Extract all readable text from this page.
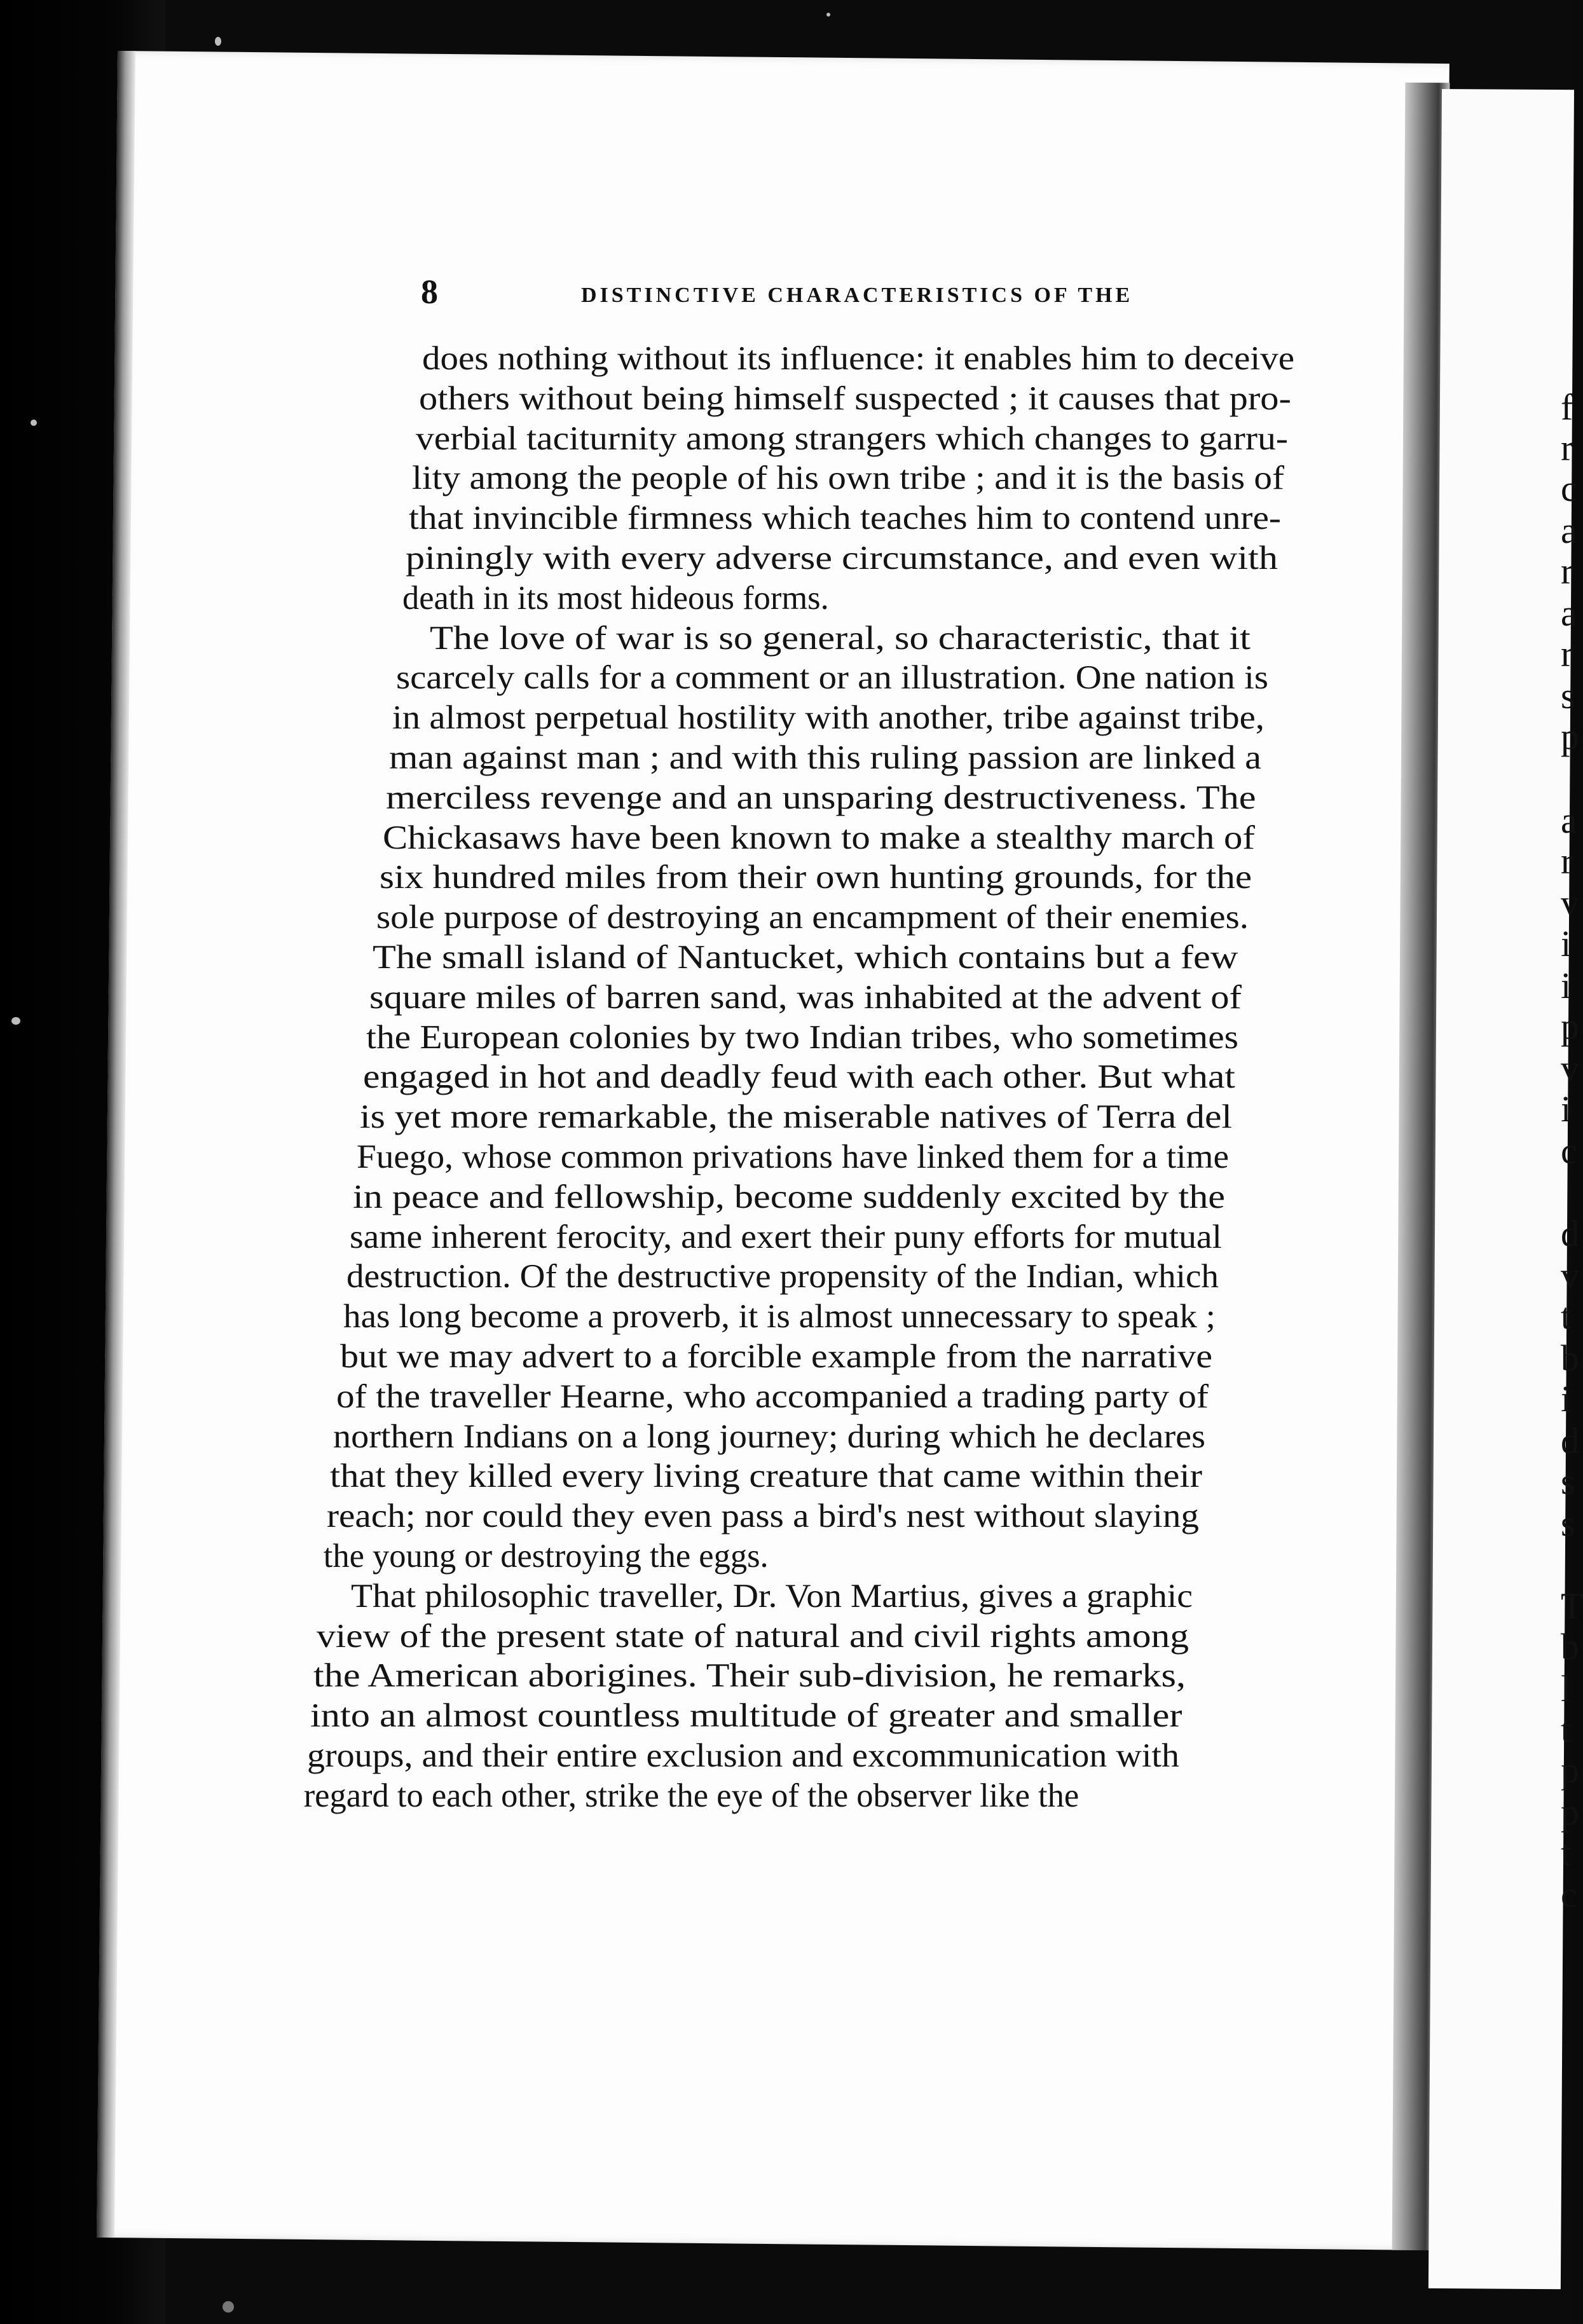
8	DISTINCTIVE CHARACTERISTICS OF THE
does nothing without its influence: it enables him to deceive
others without being himself suspected ; it causes that pro-
verbial taciturnity among strangers which changes to garru-
lity among the people of his own tribe ; and it is the basis of
that invincible firmness which teaches him to contend unre-
piningly with every adverse circumstance, and even with
death in its most hideous forms.
The love of war is so general, so characteristic, that it
scarcely calls for a comment or an illustration. One nation is
in almost perpetual hostility with another, tribe against tribe,
man against man ; and with this ruling passion are linked a
merciless revenge and an unsparing destructiveness. The
Chickasaws have been known to make a stealthy march of
six hundred miles from their own hunting grounds, for the
sole purpose of destroying an encampment of their enemies.
The small island of Nantucket, which contains but a few
square miles of barren sand, was inhabited at the advent of
the European colonies by two Indian tribes, who sometimes
engaged in hot and deadly feud with each other. But what
is yet more remarkable, the miserable natives of Terra del
Fuego, whose common privations have linked them for a time
in peace and fellowship, become suddenly excited by the
same inherent ferocity, and exert their puny efforts for mutual
destruction. Of the destructive propensity of the Indian, which
has long become a proverb, it is almost unnecessary to speak ;
but we may advert to a forcible example from the narrative
of the traveller Hearne, who accompanied a trading party of
northern Indians on a long journey; during which he declares
that they killed every living creature that came within their
reach; nor could they even pass a bird's nest without slaying
the young or destroying the eggs.
That philosophic traveller, Dr. Von Martius, gives a graphic
view of the present state of natural and civil rights among
the American aborigines. Their sub-division, he remarks,
into an almost countless multitude of greater and smaller
groups, and their entire exclusion and excommunication with
regard to each other, strike the eye of the observer like the
f
r
c
a
r
a
r
s
p
a
r
v
i
i
p
v
i
c
d
v
t
b
i
d
s
s
T
b
l
t
p
p
t
c
